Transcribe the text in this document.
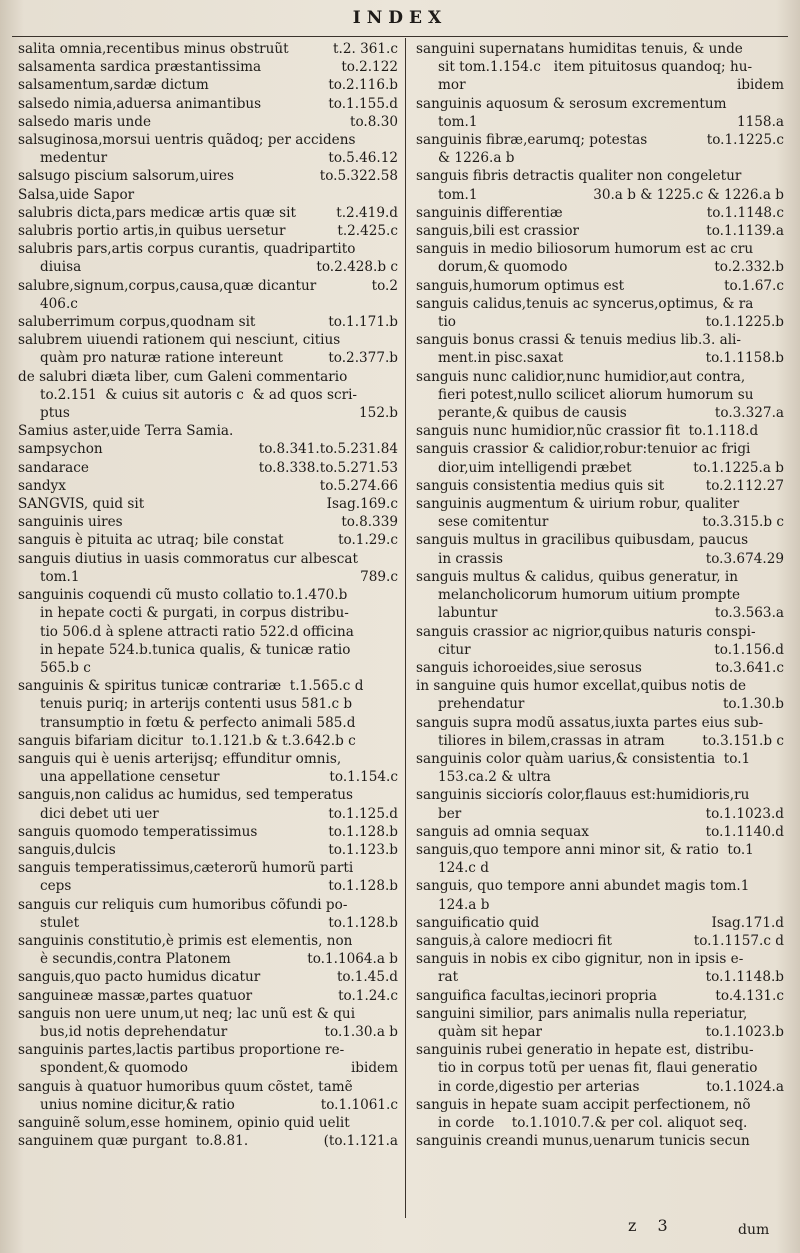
INDEX
t.2. 361.c
salita omnia,recentibus minus obstruũt
to.2.122
salsamenta sardica præstantissima
to.2.116.b
salsamentum,sardæ dictum
to.1.155.d
salsedo nimia,aduersa animantibus
to.8.30
salsedo maris unde
salsuginosa,morsui uentris quãdoq; per accidens
to.5.46.12
medentur
to.5.322.58
salsugo piscium salsorum,uires
Salsa,uide Sapor
t.2.419.d
salubris dicta,pars medicæ artis quæ sit
t.2.425.c
salubris portio artis,in quibus uersetur
salubris pars,artis corpus curantis, quadripartito
to.2.428.b c
diuisa
to.2
salubre,signum,corpus,causa,quæ dicantur
406.c
to.1.171.b
saluberrimum corpus,quodnam sit
salubrem uiuendi rationem qui nesciunt, citius
to.2.377.b
quàm pro naturæ ratione intereunt
de salubri diæta liber, cum Galeni commentario
to.2.151  & cuius sit autoris c  & ad quos scri-
152.b
ptus
Samius aster,uide Terra Samia.
to.8.341.to.5.231.84
sampsychon
to.8.338.to.5.271.53
sandarace
to.5.274.66
sandyx
Isag.169.c
SANGVIS, quid sit
to.8.339
sanguinis uires
to.1.29.c
sanguis è pituita ac utraq; bile constat
sanguis diutius in uasis commoratus cur albescat
789.c
tom.1
sanguinis coquendi cũ musto collatio to.1.470.b
in hepate cocti & purgati, in corpus distribu-
tio 506.d à splene attracti ratio 522.d officina
in hepate 524.b.tunica qualis, & tunicæ ratio
565.b c
sanguinis & spiritus tunicæ contrariæ  t.1.565.c d
tenuis puriq; in arterijs contenti usus 581.c b
transumptio in fœtu & perfecto animali 585.d
sanguis bifariam dicitur  to.1.121.b & t.3.642.b c
sanguis qui è uenis arterijsq; effunditur omnis,
to.1.154.c
una appellatione censetur
sanguis,non calidus ac humidus, sed temperatus
to.1.125.d
dici debet uti uer
to.1.128.b
sanguis quomodo temperatissimus
to.1.123.b
sanguis,dulcis
sanguis temperatissimus,cæterorũ humorũ parti
to.1.128.b
ceps
sanguis cur reliquis cum humoribus cõfundi po-
to.1.128.b
stulet
sanguinis constitutio,è primis est elementis, non
to.1.1064.a b
è secundis,contra Platonem
to.1.45.d
sanguis,quo pacto humidus dicatur
to.1.24.c
sanguineæ massæ,partes quatuor
sanguis non uere unum,ut neq; lac unũ est & qui
to.1.30.a b
bus,id notis deprehendatur
sanguinis partes,lactis partibus proportione re-
ibidem
spondent,& quomodo
sanguis à quatuor humoribus quum cõstet, tamẽ
to.1.1061.c
unius nomine dicitur,& ratio
sanguinẽ solum,esse hominem, opinio quid uelit
(to.1.121.a
sanguinem quæ purgant  to.8.81.
sanguini supernatans humiditas tenuis, & unde
sit tom.1.154.c   item pituitosus quandoq; hu-
ibidem
mor
sanguinis aquosum & serosum excrementum
1158.a
tom.1
to.1.1225.c
sanguinis fibræ,earumq; potestas
& 1226.a b
sanguis fibris detractis qualiter non congeletur
30.a b & 1225.c & 1226.a b
tom.1
to.1.1148.c
sanguinis differentiæ
to.1.1139.a
sanguis,bili est crassior
sanguis in medio biliosorum humorum est ac cru
to.2.332.b
dorum,& quomodo
to.1.67.c
sanguis,humorum optimus est
sanguis calidus,tenuis ac syncerus,optimus, & ra
to.1.1225.b
tio
sanguis bonus crassi & tenuis medius lib.3. ali-
to.1.1158.b
ment.in pisc.saxat
sanguis nunc calidior,nunc humidior,aut contra,
fieri potest,nullo scilicet aliorum humorum su
to.3.327.a
perante,& quibus de causis
sanguis nunc humidior,nũc crassior fit  to.1.118.d
sanguis crassior & calidior,robur:tenuior ac frigi
to.1.1225.a b
dior,uim intelligendi præbet
to.2.112.27
sanguis consistentia medius quis sit
sanguinis augmentum & uirium robur, qualiter
to.3.315.b c
sese comitentur
sanguis multus in gracilibus quibusdam, paucus
to.3.674.29
in crassis
sanguis multus & calidus, quibus generatur, in
melancholicorum humorum uitium prompte
to.3.563.a
labuntur
sanguis crassior ac nigrior,quibus naturis conspi-
to.1.156.d
citur
to.3.641.c
sanguis ichoroeides,siue serosus
in sanguine quis humor excellat,quibus notis de
to.1.30.b
prehendatur
sanguis supra modũ assatus,iuxta partes eius sub-
to.3.151.b c
tiliores in bilem,crassas in atram
sanguinis color quàm uarius,& consistentia  to.1
153.ca.2 & ultra
sanguinis sicciorís color,flauus est:humidioris,ru
to.1.1023.d
ber
to.1.1140.d
sanguis ad omnia sequax
sanguis,quo tempore anni minor sit, & ratio  to.1
124.c d
sanguis, quo tempore anni abundet magis tom.1
124.a b
Isag.171.d
sanguificatio quid
to.1.1157.c d
sanguis,à calore mediocri fit
sanguis in nobis ex cibo gignitur, non in ipsis e-
to.1.1148.b
rat
to.4.131.c
sanguifica facultas,iecinori propria
sanguini similior, pars animalis nulla reperiatur,
to.1.1023.b
quàm sit hepar
sanguinis rubei generatio in hepate est, distribu-
tio in corpus totũ per uenas fit, flaui generatio
to.1.1024.a
in corde,digestio per arterias
sanguis in hepate suam accipit perfectionem, nõ
in corde    to.1.1010.7.& per col. aliquot seq.
sanguinis creandi munus,uenarum tunicis secun
z 3	dum
